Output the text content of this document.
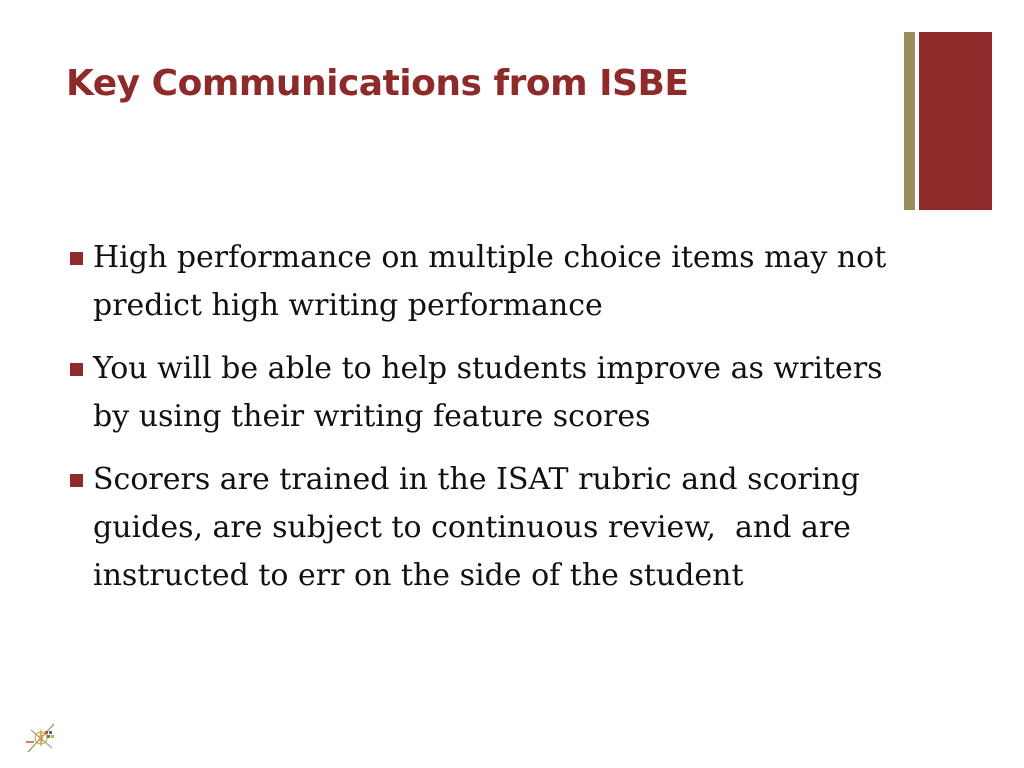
Key Communications from ISBE
High performance on multiple choice items may not predict high writing performance
You will be able to help students improve as writers by using their writing feature scores
Scorers are trained in the ISAT rubric and scoring guides, are subject to continuous review,  and are instructed to err on the side of the student
